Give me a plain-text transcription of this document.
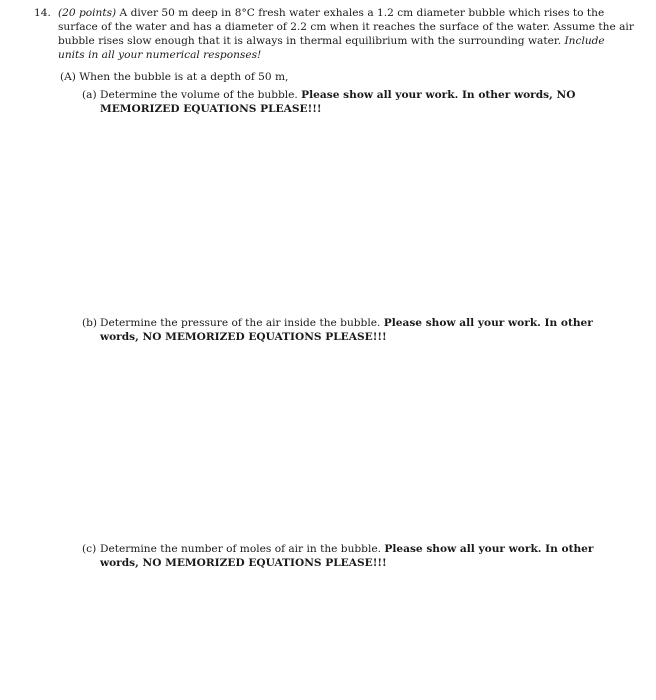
14. (20 points) A diver 50 m deep in 8°C fresh water exhales a 1.2 cm diameter bubble which rises to the surface of the water and has a diameter of 2.2 cm when it reaches the surface of the water. Assume the air bubble rises slow enough that it is always in thermal equilibrium with the surrounding water. Include units in all your numerical responses!
(A) When the bubble is at a depth of 50 m,
(a) Determine the volume of the bubble. Please show all your work. In other words, NO MEMORIZED EQUATIONS PLEASE!!!
(b) Determine the pressure of the air inside the bubble. Please show all your work. In other words, NO MEMORIZED EQUATIONS PLEASE!!!
(c) Determine the number of moles of air in the bubble. Please show all your work. In other words, NO MEMORIZED EQUATIONS PLEASE!!!
